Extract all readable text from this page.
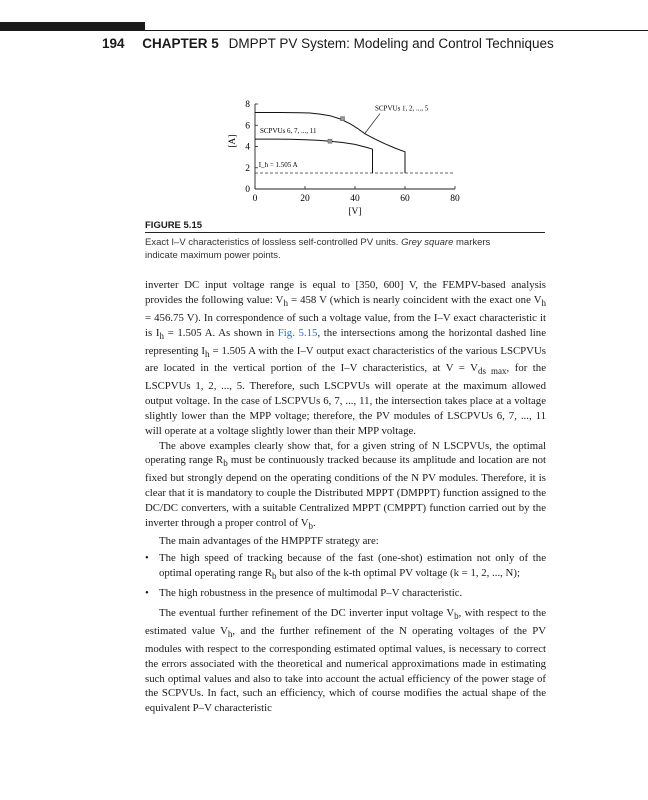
194 CHAPTER 5 DMPPT PV System: Modeling and Control Techniques
0	20	40	60	80
0
2
4
6
8
[V]
[A]
SCPVUs 1, 2, ..., 5
SCPVUs 6, 7, ..., 11
I_h = 1.505 A
FIGURE 5.15
Exact I–V characteristics of lossless self-controlled PV units. Grey square markers indicate maximum power points.

inverter DC input voltage range is equal to [350, 600] V, the FEMPV-based analysis provides the following value: $V_h = 458$ V (which is nearly coincident with the exact one $V_h = 456.75$ V). In correspondence of such a voltage value, from the I–V exact characteristic it is $I_h = 1.505$ A. As shown in Fig. 5.15, the intersections among the horizontal dashed line representing $I_h = 1.505$ A with the I–V output exact characteristics of the various LSCPVUs are located in the vertical portion of the I–V characteristics, at $V = V_{ds max}$, for the LSCPVUs 1, 2, ..., 5. Therefore, such LSCPVUs will operate at the maximum allowed output voltage. In the case of LSCPVUs 6, 7, ..., 11, the intersection takes place at a voltage slightly lower than the MPP voltage; therefore, the PV modules of LSCPVUs 6, 7, ..., 11 will operate at a voltage slightly lower than their MPP voltage.

The above examples clearly show that, for a given string of N LSCPVUs, the optimal operating range $R_b$ must be continuously tracked because its amplitude and location are not fixed but strongly depend on the operating conditions of the N PV modules. Therefore, it is clear that it is mandatory to couple the Distributed MPPT (DMPPT) function assigned to the DC/DC converters, with a suitable Centralized MPPT (CMPPT) function carried out by the inverter through a proper control of $V_b$.

The main advantages of the HMPPTF strategy are:

• The high speed of tracking because of the fast (one-shot) estimation not only of the optimal operating range $R_b$ but also of the k-th optimal PV voltage (k = 1, 2, ..., N);
• The high robustness in the presence of multimodal P–V characteristic.

The eventual further refinement of the DC inverter input voltage $V_b$, with respect to the estimated value $V_h$, and the further refinement of the N operating voltages of the PV modules with respect to the corresponding estimated optimal values, is necessary to correct the errors associated with the theoretical and numerical approximations made in estimating such optimal values and also to take into account the actual efficiency of the power stage of the SCPVUs. In fact, such an efficiency, which of course modifies the actual shape of the equivalent P–V characteristic
